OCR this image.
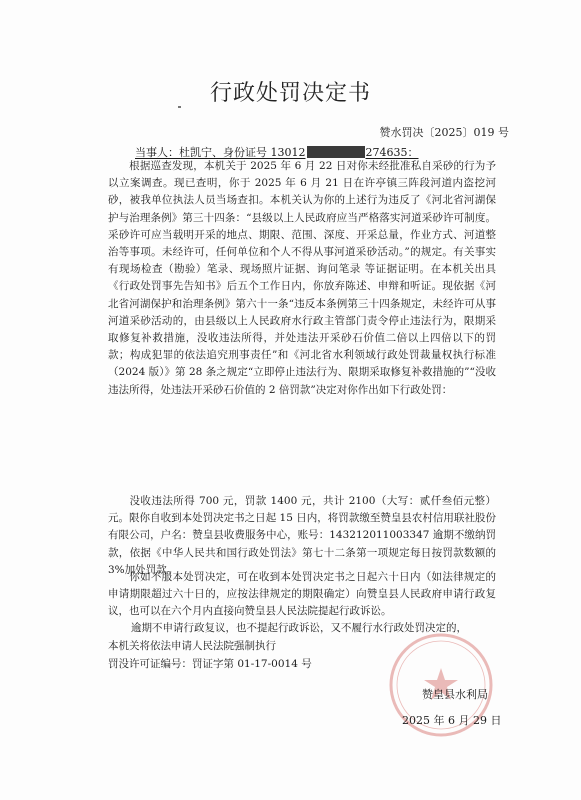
行政处罚决定书
赞水罚决〔2025〕019 号
当事人：杜凯宁、身份证号 13012	274635：
根据巡查发现，本机关于 2025 年 6 月 22 日对你未经批准私自采砂的行为予以立案调查。现已查明，你于 2025 年 6 月 21 日在许亭镇三阵段河道内盗挖河砂，被我单位执法人员当场查扣。本机关认为你的上述行为违反了《河北省河湖保护与治理条例》第三十四条：“县级以上人民政府应当严格落实河道采砂许可制度。采砂许可应当载明开采的地点、期限、范围、深度、开采总量，作业方式、河道整治等事项。未经许可，任何单位和个人不得从事河道采砂活动。”的规定。有关事实有现场检查（勘验）笔录、现场照片证据、询问笔录 等证据证明。在本机关出具《行政处罚事先告知书》后五个工作日内，你放弃陈述、申辩和听证。现依据《河北省河湖保护和治理条例》第六十一条“违反本条例第三十四条规定，未经许可从事河道采砂活动的，由县级以上人民政府水行政主管部门责令停止违法行为，限期采取修复补救措施，没收违法所得，并处违法开采砂石价值二倍以上四倍以下的罚款；构成犯罪的依法追究刑事责任”和《河北省水利领域行政处罚裁量权执行标准（2024 版）》第 28 条之规定“立即停止违法行为、限期采取修复补救措施的”“没收违法所得，处违法开采砂石价值的 2 倍罚款”决定对你作出如下行政处罚：
没收违法所得 700 元，罚款 1400 元，共计 2100（大写：贰仟叁佰元整）元。限你自收到本处罚决定书之日起 15 日内，将罚款缴至赞皇县农村信用联社股份有限公司，户名：赞皇县收费服务中心，账号：143212011003347 逾期不缴纳罚款，依据《中华人民共和国行政处罚法》第七十二条第一项规定每日按罚款数额的 3%加处罚款。
你如不服本处罚决定，可在收到本处罚决定书之日起六十日内（如法律规定的申请期限超过六十日的，应按法律规定的期限确定）向赞皇县人民政府申请行政复议，也可以在六个月内直接向赞皇县人民法院提起行政诉讼。
逾期不申请行政复议，也不提起行政诉讼，又不履行水行政处罚决定的，
本机关将依法申请人民法院强制执行
罚没许可证编号：罚证字第 01-17-0014 号
赞皇县水利局
2025 年 6 月 29 日
